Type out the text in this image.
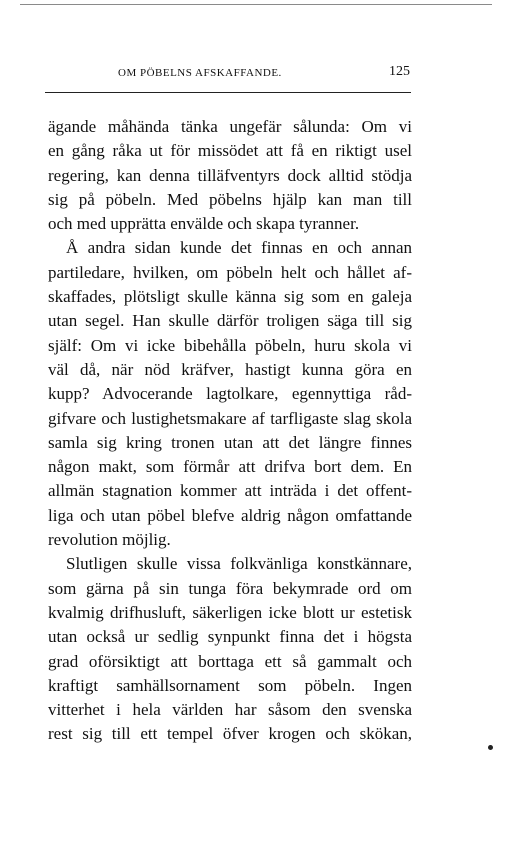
OM PÖBELNS AFSKAFFANDE.	125
ägande måhända tänka ungefär sålunda: Om vi
en gång råka ut för missödet att få en riktigt usel
regering, kan denna tilläfventyrs dock alltid stödja
sig på pöbeln. Med pöbelns hjälp kan man till
och med upprätta envälde och skapa tyranner.
Å andra sidan kunde det finnas en och annan
partiledare, hvilken, om pöbeln helt och hållet af-
skaffades, plötsligt skulle känna sig som en galeja
utan segel. Han skulle därför troligen säga till sig
själf: Om vi icke bibehålla pöbeln, huru skola vi
väl då, när nöd kräfver, hastigt kunna göra en
kupp? Advocerande lagtolkare, egennyttiga råd-
gifvare och lustighetsmakare af tarfligaste slag skola
samla sig kring tronen utan att det längre finnes
någon makt, som förmår att drifva bort dem. En
allmän stagnation kommer att inträda i det offent-
liga och utan pöbel blefve aldrig någon omfattande
revolution möjlig.
Slutligen skulle vissa folkvänliga konstkännare,
som gärna på sin tunga föra bekymrade ord om
kvalmig drifhusluft, säkerligen icke blott ur estetisk
utan också ur sedlig synpunkt finna det i högsta
grad oförsiktigt att borttaga ett så gammalt och
kraftigt samhällsornament som pöbeln. Ingen
vitterhet i hela världen har såsom den svenska
rest sig till ett tempel öfver krogen och skökan,
